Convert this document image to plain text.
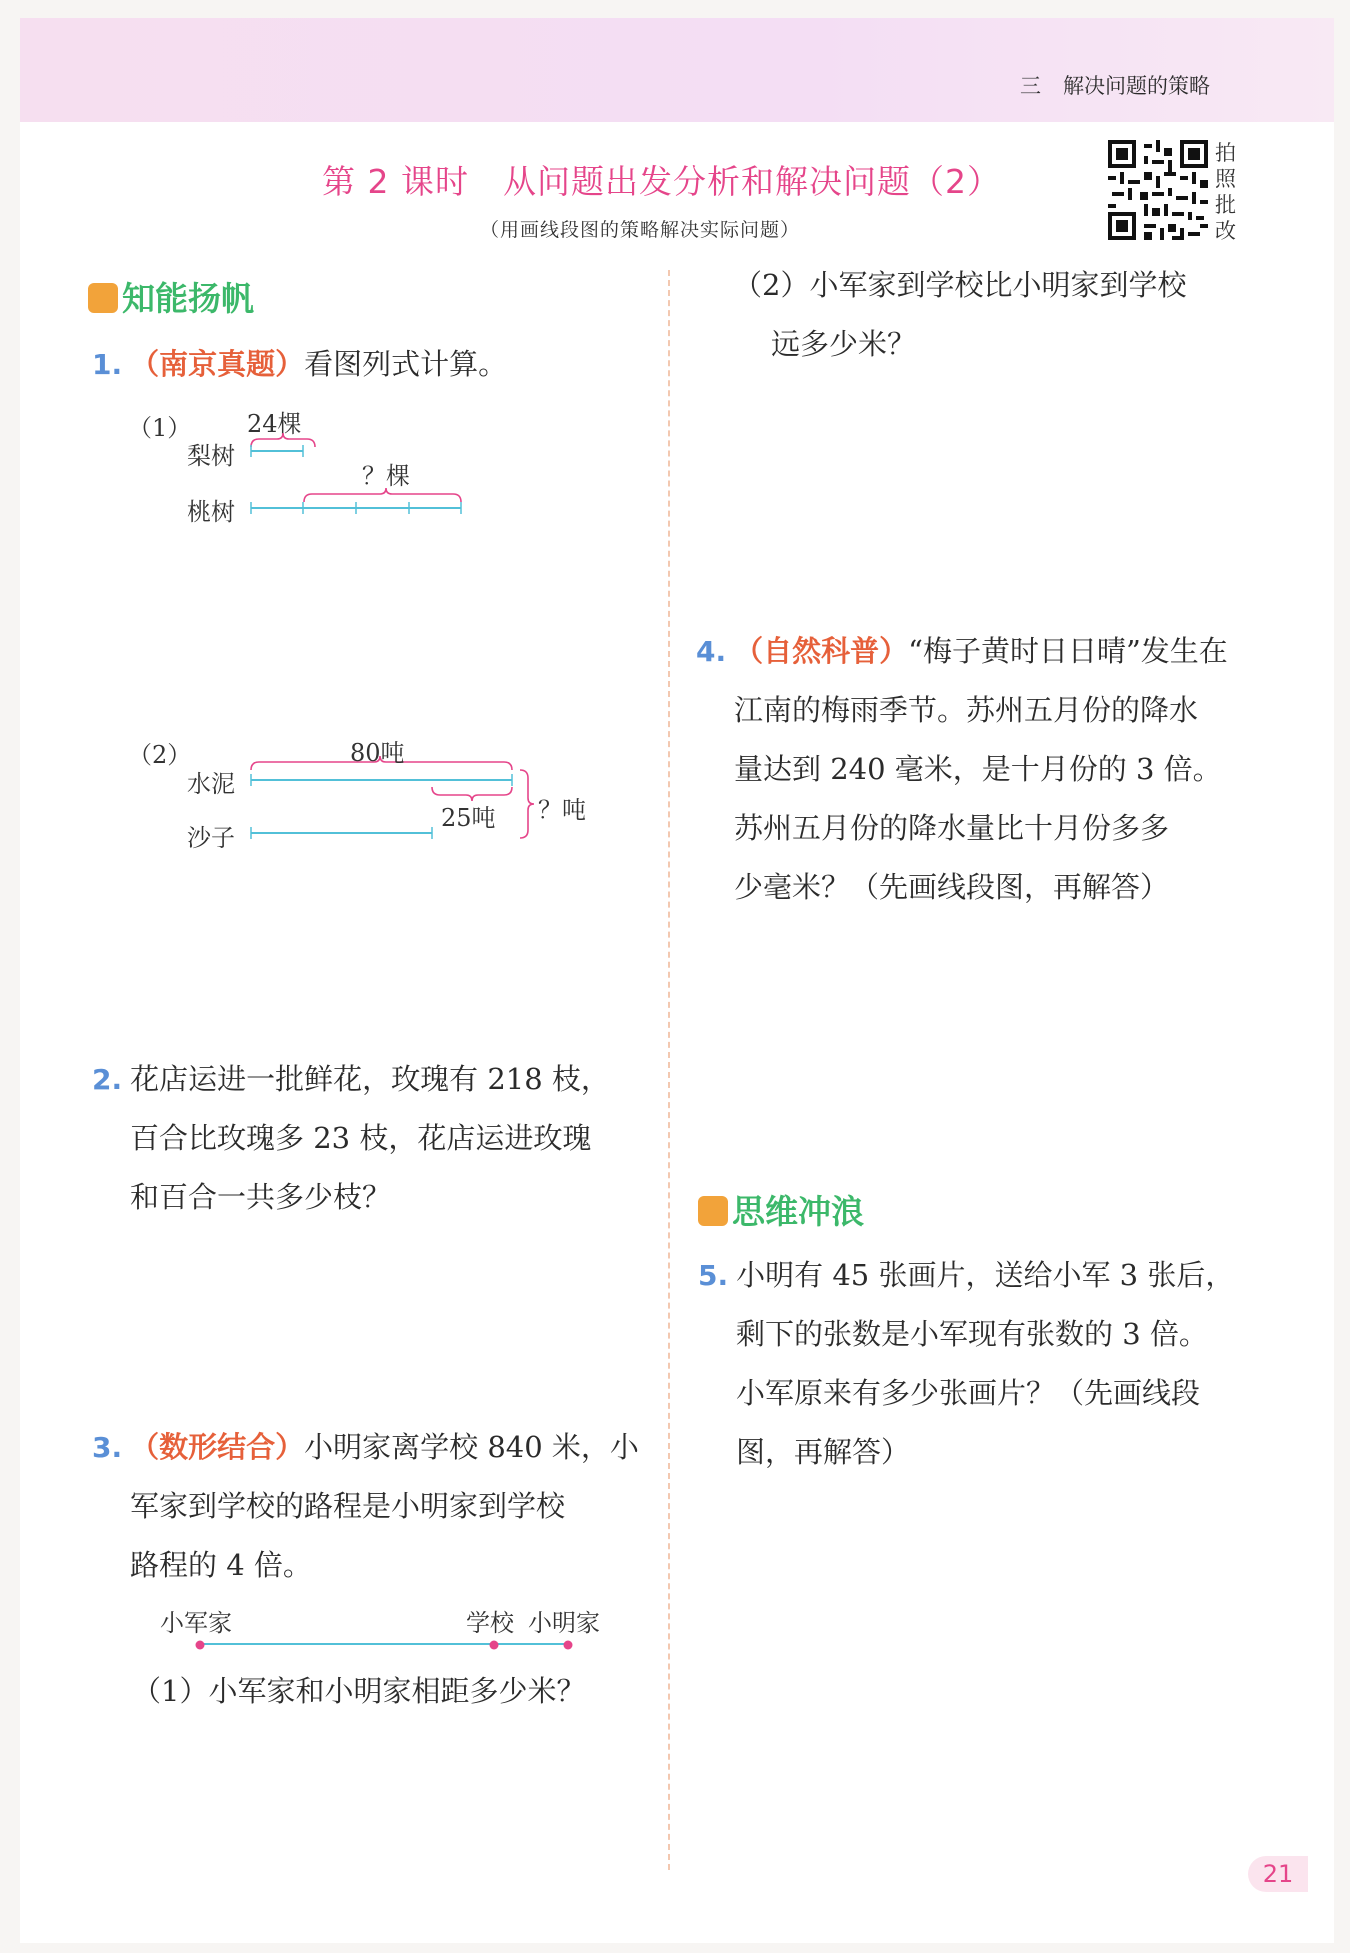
三 解决问题的策略
第 2 课时 从问题出发分析和解决问题（2）
（用画线段图的策略解决实际问题）
拍照批改
知能扬帆
1. （南京真题）看图列式计算。
（1） 24棵
梨树
？棵
桃树
（2）	80吨
水泥
25吨 ？吨
沙子
2. 花店运进一批鲜花，玫瑰有 218 枝，
百合比玫瑰多 23 枝，花店运进玫瑰
和百合一共多少枝？
3. （数形结合）小明家离学校 840 米，小
军家到学校的路程是小明家到学校
路程的 4 倍。
小军家	学校 小明家
（1）小军家和小明家相距多少米？
（2）小军家到学校比小明家到学校
远多少米？
4. （自然科普）“梅子黄时日日晴”发生在
江南的梅雨季节。苏州五月份的降水
量达到 240 毫米，是十月份的 3 倍。
苏州五月份的降水量比十月份多多
少毫米？（先画线段图，再解答）
思维冲浪
5. 小明有 45 张画片，送给小军 3 张后，
剩下的张数是小军现有张数的 3 倍。
小军原来有多少张画片？（先画线段
图，再解答）
21
